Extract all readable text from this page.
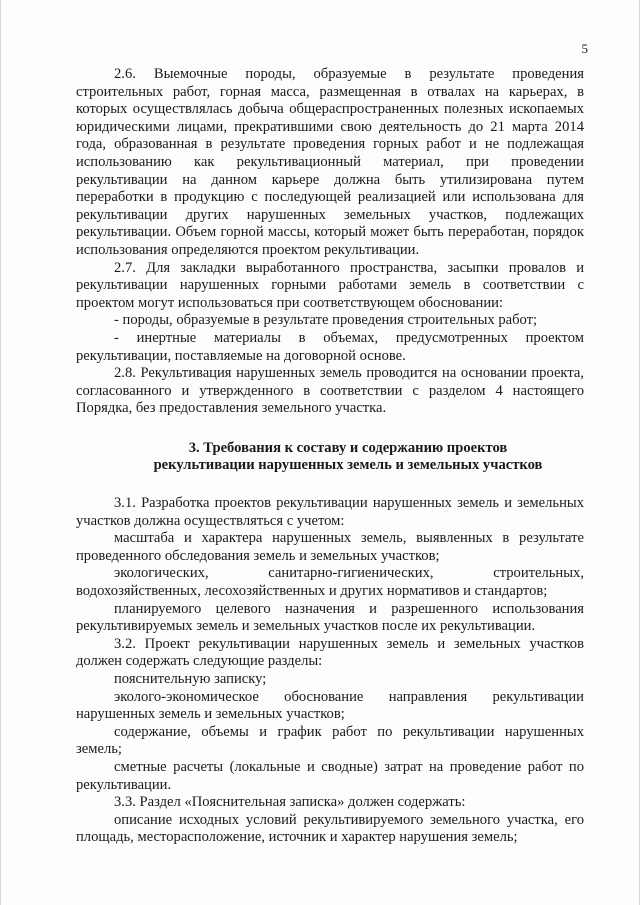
5

2.6. Выемочные породы, образуемые в результате проведения строительных работ, горная масса, размещенная в отвалах на карьерах, в которых осуществлялась добыча общераспространенных полезных ископаемых юридическими лицами, прекратившими свою деятельность до 21 марта 2014 года, образованная в результате проведения горных работ и не подлежащая использованию как рекультивационный материал, при проведении рекультивации на данном карьере должна быть утилизирована путем переработки в продукцию с последующей реализацией или использована для рекультивации других нарушенных земельных участков, подлежащих рекультивации. Объем горной массы, который может быть переработан, порядок использования определяются проектом рекультивации.

2.7. Для закладки выработанного пространства, засыпки провалов и рекультивации нарушенных горными работами земель в соответствии с проектом могут использоваться при соответствующем обосновании:

- породы, образуемые в результате проведения строительных работ;

- инертные материалы в объемах, предусмотренных проектом рекультивации, поставляемые на договорной основе.

2.8. Рекультивация нарушенных земель проводится на основании проекта, согласованного и утвержденного в соответствии с разделом 4 настоящего Порядка, без предоставления земельного участка.

3. Требования к составу и содержанию проектов
рекультивации нарушенных земель и земельных участков

3.1. Разработка проектов рекультивации нарушенных земель и земельных участков должна осуществляться с учетом:

масштаба и характера нарушенных земель, выявленных в результате проведенного обследования земель и земельных участков;

экологических, санитарно-гигиенических, строительных, водохозяйственных, лесохозяйственных и других нормативов и стандартов;

планируемого целевого назначения и разрешенного использования рекультивируемых земель и земельных участков после их рекультивации.

3.2. Проект рекультивации нарушенных земель и земельных участков должен содержать следующие разделы:

пояснительную записку;

эколого-экономическое обоснование направления рекультивации нарушенных земель и земельных участков;

содержание, объемы и график работ по рекультивации нарушенных земель;

сметные расчеты (локальные и сводные) затрат на проведение работ по рекультивации.

3.3. Раздел «Пояснительная записка» должен содержать:

описание исходных условий рекультивируемого земельного участка, его площадь, месторасположение, источник и характер нарушения земель;
